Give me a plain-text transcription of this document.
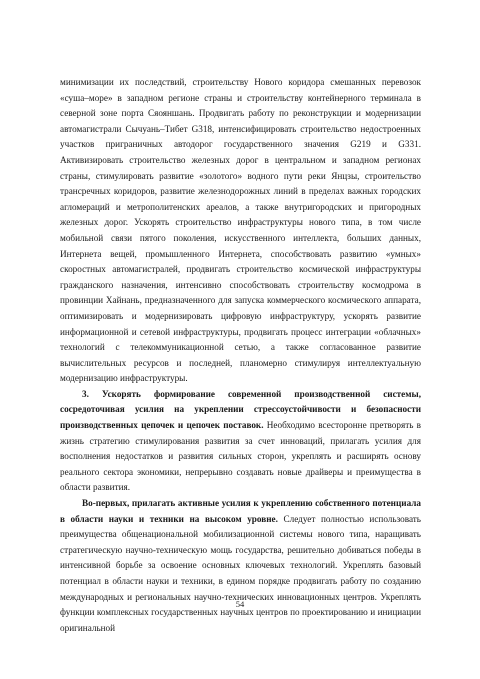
минимизации их последствий, строительству Нового коридора смешанных перевозок «суша–море» в западном регионе страны и строительству контейнерного терминала в северной зоне порта Сяояншань. Продвигать работу по реконструкции и модернизации автомагистрали Сычуань–Тибет G318, интенсифицировать строительство недостроенных участков приграничных автодорог государственного значения G219 и G331. Активизировать строительство железных дорог в центральном и западном регионах страны, стимулировать развитие «золотого» водного пути реки Янцзы, строительство трансречных коридоров, развитие железнодорожных линий в пределах важных городских агломераций и метрополитенских ареалов, а также внутригородских и пригородных железных дорог. Ускорять строительство инфраструктуры нового типа, в том числе мобильной связи пятого поколения, искусственного интеллекта, больших данных, Интернета вещей, промышленного Интернета, способствовать развитию «умных» скоростных автомагистралей, продвигать строительство космической инфраструктуры гражданского назначения, интенсивно способствовать строительству космодрома в провинции Хайнань, предназначенного для запуска коммерческого космического аппарата, оптимизировать и модернизировать цифровую инфраструктуру, ускорять развитие информационной и сетевой инфраструктуры, продвигать процесс интеграции «облачных» технологий с телекоммуникационной сетью, а также согласованное развитие вычислительных ресурсов и последней, планомерно стимулируя интеллектуальную модернизацию инфраструктуры.

3. Ускорять формирование современной производственной системы, сосредоточивая усилия на укреплении стрессоустойчивости и безопасности производственных цепочек и цепочек поставок. Необходимо всесторонне претворять в жизнь стратегию стимулирования развития за счет инноваций, прилагать усилия для восполнения недостатков и развития сильных сторон, укреплять и расширять основу реального сектора экономики, непрерывно создавать новые драйверы и преимущества в области развития.

Во-первых, прилагать активные усилия к укреплению собственного потенциала в области науки и техники на высоком уровне. Следует полностью использовать преимущества общенациональной мобилизационной системы нового типа, наращивать стратегическую научно-техническую мощь государства, решительно добиваться победы в интенсивной борьбе за освоение основных ключевых технологий. Укреплять базовый потенциал в области науки и техники, в едином порядке продвигать работу по созданию международных и региональных научно-технических инновационных центров. Укреплять функции комплексных государственных научных центров по проектированию и инициации оригинальной

54
